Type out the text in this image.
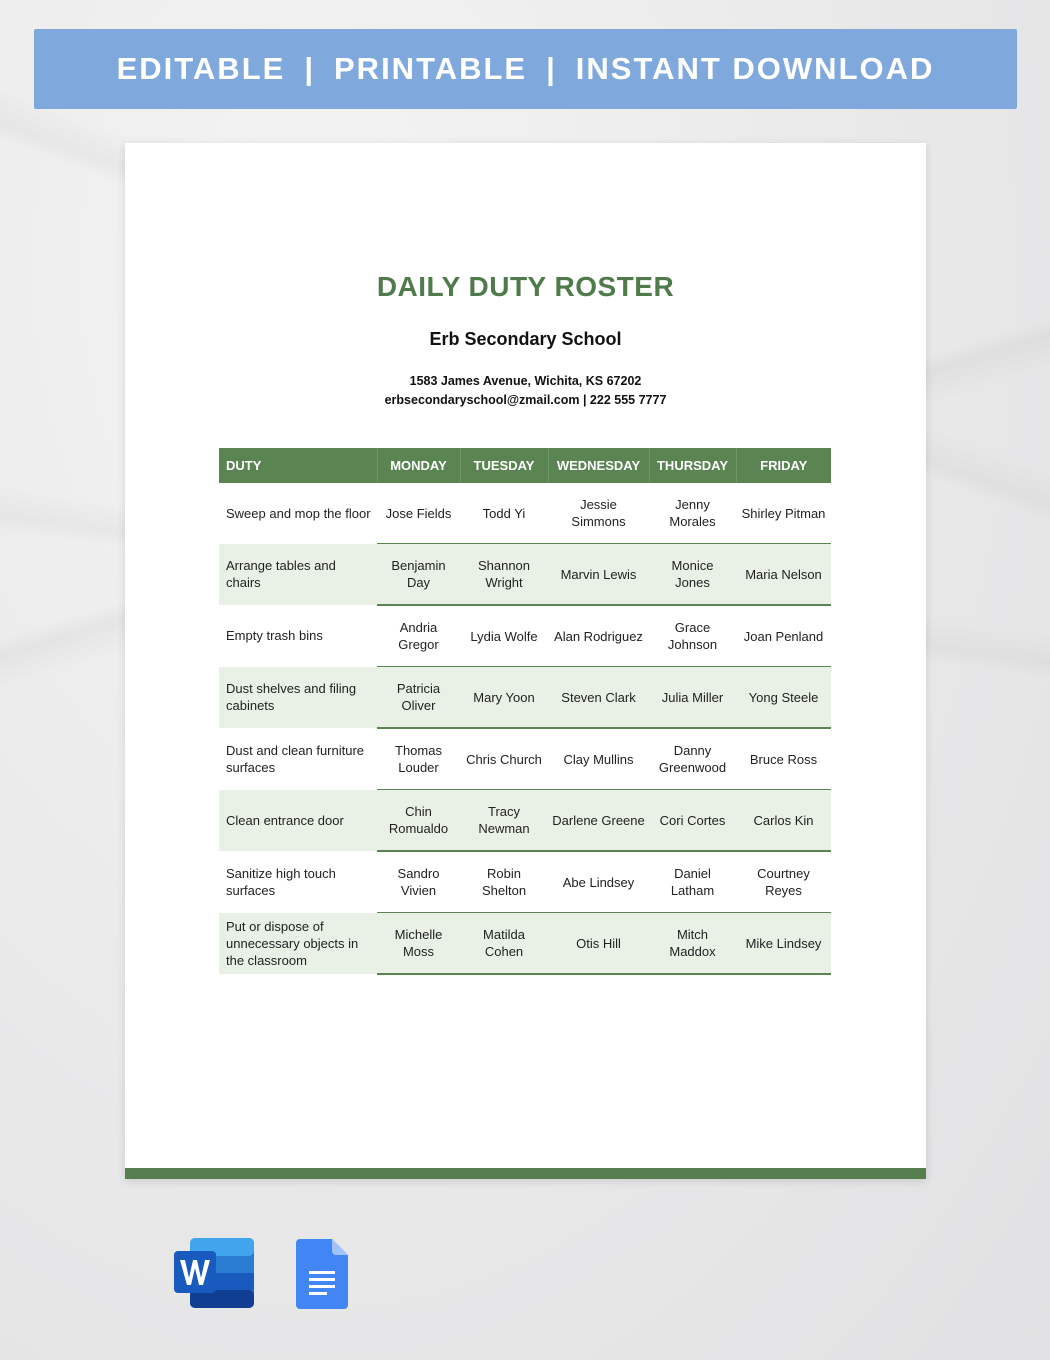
EDITABLE | PRINTABLE | INSTANT DOWNLOAD
DAILY DUTY ROSTER
Erb Secondary School
1583 James Avenue, Wichita, KS 67202
erbsecondaryschool@zmail.com | 222 555 7777
DUTY	MONDAY	TUESDAY	WEDNESDAY	THURSDAY	FRIDAY
Sweep and mop the floor	Jose Fields	Todd Yi	Jessie Simmons	Jenny Morales	Shirley Pitman
Arrange tables and chairs	Benjamin Day	Shannon Wright	Marvin Lewis	Monice Jones	Maria Nelson
Empty trash bins	Andria Gregor	Lydia Wolfe	Alan Rodriguez	Grace Johnson	Joan Penland
Dust shelves and filing cabinets	Patricia Oliver	Mary Yoon	Steven Clark	Julia Miller	Yong Steele
Dust and clean furniture surfaces	Thomas Louder	Chris Church	Clay Mullins	Danny Greenwood	Bruce Ross
Clean entrance door	Chin Romualdo	Tracy Newman	Darlene Greene	Cori Cortes	Carlos Kin
Sanitize high touch surfaces	Sandro Vivien	Robin Shelton	Abe Lindsey	Daniel Latham	Courtney Reyes
Put or dispose of unnecessary objects in the classroom	Michelle Moss	Matilda Cohen	Otis Hill	Mitch Maddox	Mike Lindsey
